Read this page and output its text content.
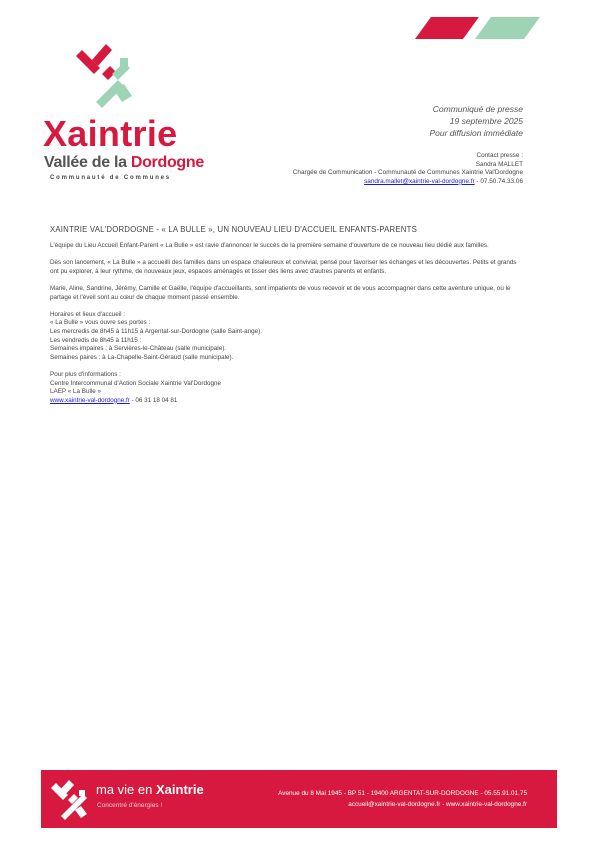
Xaintrie
Vallée de la Dordogne
Communauté de Communes
Communiqué de presse
19 septembre 2025
Pour diffusion immédiate
Contact presse :
Sandra MALLET
Chargée de Communication - Communauté de Communes Xaintrie Val'Dordogne
sandra.mallet@xaintrie-val-dordogne.fr - 07.50.74.33.06
XAINTRIE VAL'DORDOGNE - « LA BULLE », UN NOUVEAU LIEU D'ACCUEIL ENFANTS-PARENTS

L'équipe du Lieu Accueil Enfant-Parent « La Bulle » est ravie d'annoncer le succès de la première semaine d'ouverture de ce nouveau lieu dédié aux familles.

Dès son lancement, « La Bulle » a accueilli des familles dans un espace chaleureux et convivial, pensé pour favoriser les échanges et les découvertes. Petits et grands ont pu explorer, à leur rythme, de nouveaux jeux, espaces aménagés et tisser des liens avec d'autres parents et enfants.

Marie, Aline, Sandrine, Jérémy, Camille et Gaëlle, l'équipe d'accueillants, sont impatients de vous recevoir et de vous accompagner dans cette aventure unique, où le partage et l'éveil sont au cœur de chaque moment passé ensemble.

Horaires et lieux d'accueil :
« La Bulle » vous ouvre ses portes :
Les mercredis de 8h45 à 11h15 à Argentat-sur-Dordogne (salle Saint-ange).
Les vendredis de 8h45 à 11h15 :
Semaines impaires : à Servières-le-Château (salle municipale).
Semaines paires : à La-Chapelle-Saint-Géraud (salle municipale).

Pour plus d'informations :
Centre Intercommunal d'Action Sociale Xaintrie Val'Dordogne
LAEP « La Bulle »
www.xaintrie-val-dordogne.fr - 06 31 18 04 81

ma vie en Xaintrie
Concentré d'énergies !
Avenue du 8 Mai 1945 - BP 51 - 19400 ARGENTAT-SUR-DORDOGNE - 05.55.91.01.75
accueil@xaintrie-val-dordogne.fr - www.xaintrie-val-dordogne.fr
